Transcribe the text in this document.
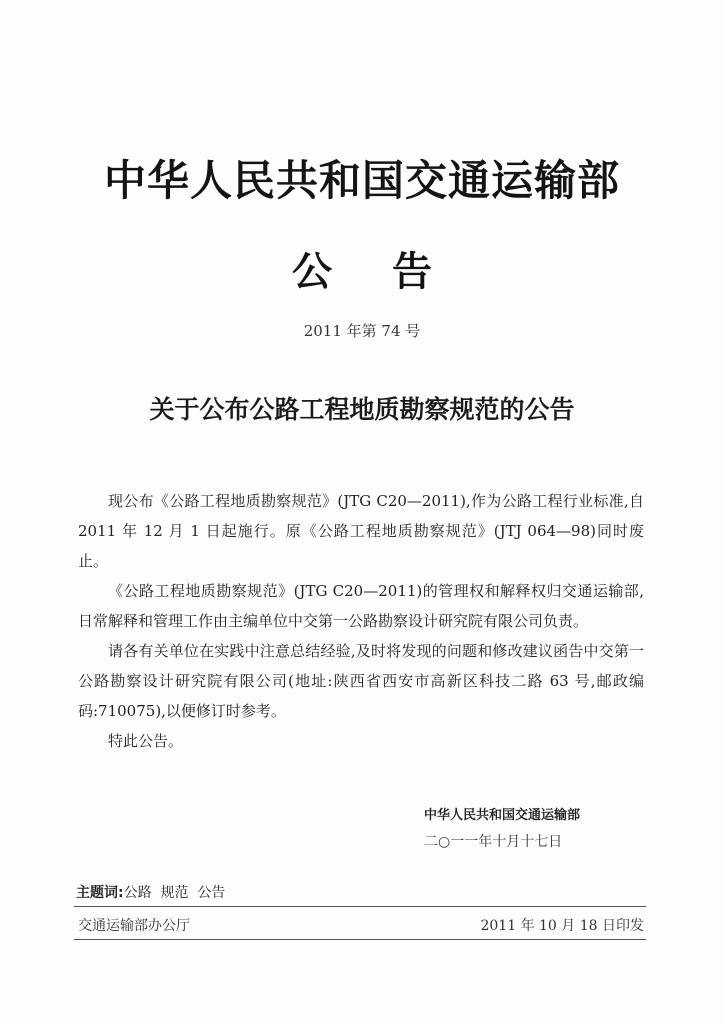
中华人民共和国交通运输部
公告
2011 年第 74 号
关于公布公路工程地质勘察规范的公告

现公布《公路工程地质勘察规范》(JTG C20—2011),作为公路工程行业标准,自 2011 年 12 月 1 日起施行。原《公路工程地质勘察规范》(JTJ 064—98)同时废止。

《公路工程地质勘察规范》(JTG C20—2011)的管理权和解释权归交通运输部,日常解释和管理工作由主编单位中交第一公路勘察设计研究院有限公司负责。

请各有关单位在实践中注意总结经验,及时将发现的问题和修改建议函告中交第一公路勘察设计研究院有限公司(地址:陕西省西安市高新区科技二路 63 号,邮政编码:710075),以便修订时参考。

特此公告。

中华人民共和国交通运输部
二○一一年十月十七日
主题词:公路  规范  公告
交通运输部办公厅	2011 年 10 月 18 日印发
